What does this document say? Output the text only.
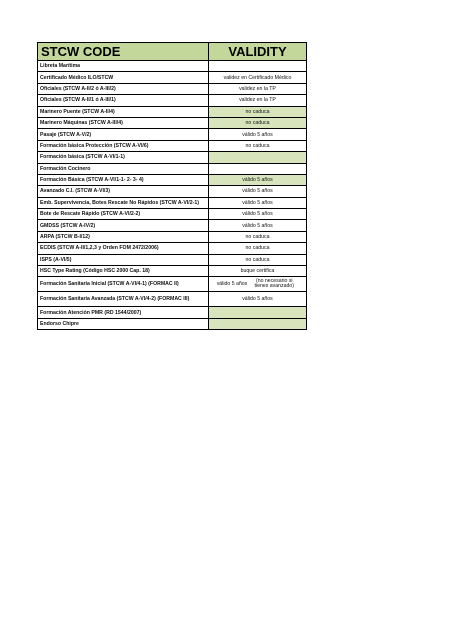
STCW CODE	VALIDITY
Libreta Marítima	
Certificado Médico ILO/STCW	validez en Certificado Médico
Oficiales (STCW A-II/2 ó A-III/2)	validez en la TP
Oficiales (STCW A-II/1 ó A-III/1)	validez en la TP
Marinero Puente (STCW A-II/4)	no caduca
Marinero Máquinas (STCW A-III/4)	no caduca
Pasaje (STCW A-V/2)	válido 5 años
Formación básica Protección (STCW A-VI/6)	no caduca
Formación básica (STCW A-VI/1-1)	
Formación Cocinero	
Formación Básica (STCW A-VI/1-1- 2- 3- 4)	válido 5 años
Avanzado C.I. (STCW A-VI/3)	válido 5 años
Emb. Supervivencia, Botes Rescate No Rápidos (STCW A-VI/2-1)	válido 5 años
Bote de Rescate Rápido (STCW A-VI/2-2)	válido 5 años
GMDSS (STCW A-IV/2)	válido 5 años
ARPA (STCW B-I/12)	no caduca
ECDIS (STCW A-II/1,2,3 y Orden FOM 2472/2006)	no caduca
ISPS (A-VI/5)	no caduca
HSC Type Rating (Código HSC 2000 Cap. 18)	buque certifica
Formación Sanitaria Inicial (STCW A-VI/4-1) (FORMAC II)	válido 5 años (no necesario si tienes avanzado)

Formación Sanitaria Avanzada (STCW A-VI/4-2) (FORMAC III)	válido 5 años
Formación Atención PMR (RD 1544/2007)	
Endorso Chipre	
